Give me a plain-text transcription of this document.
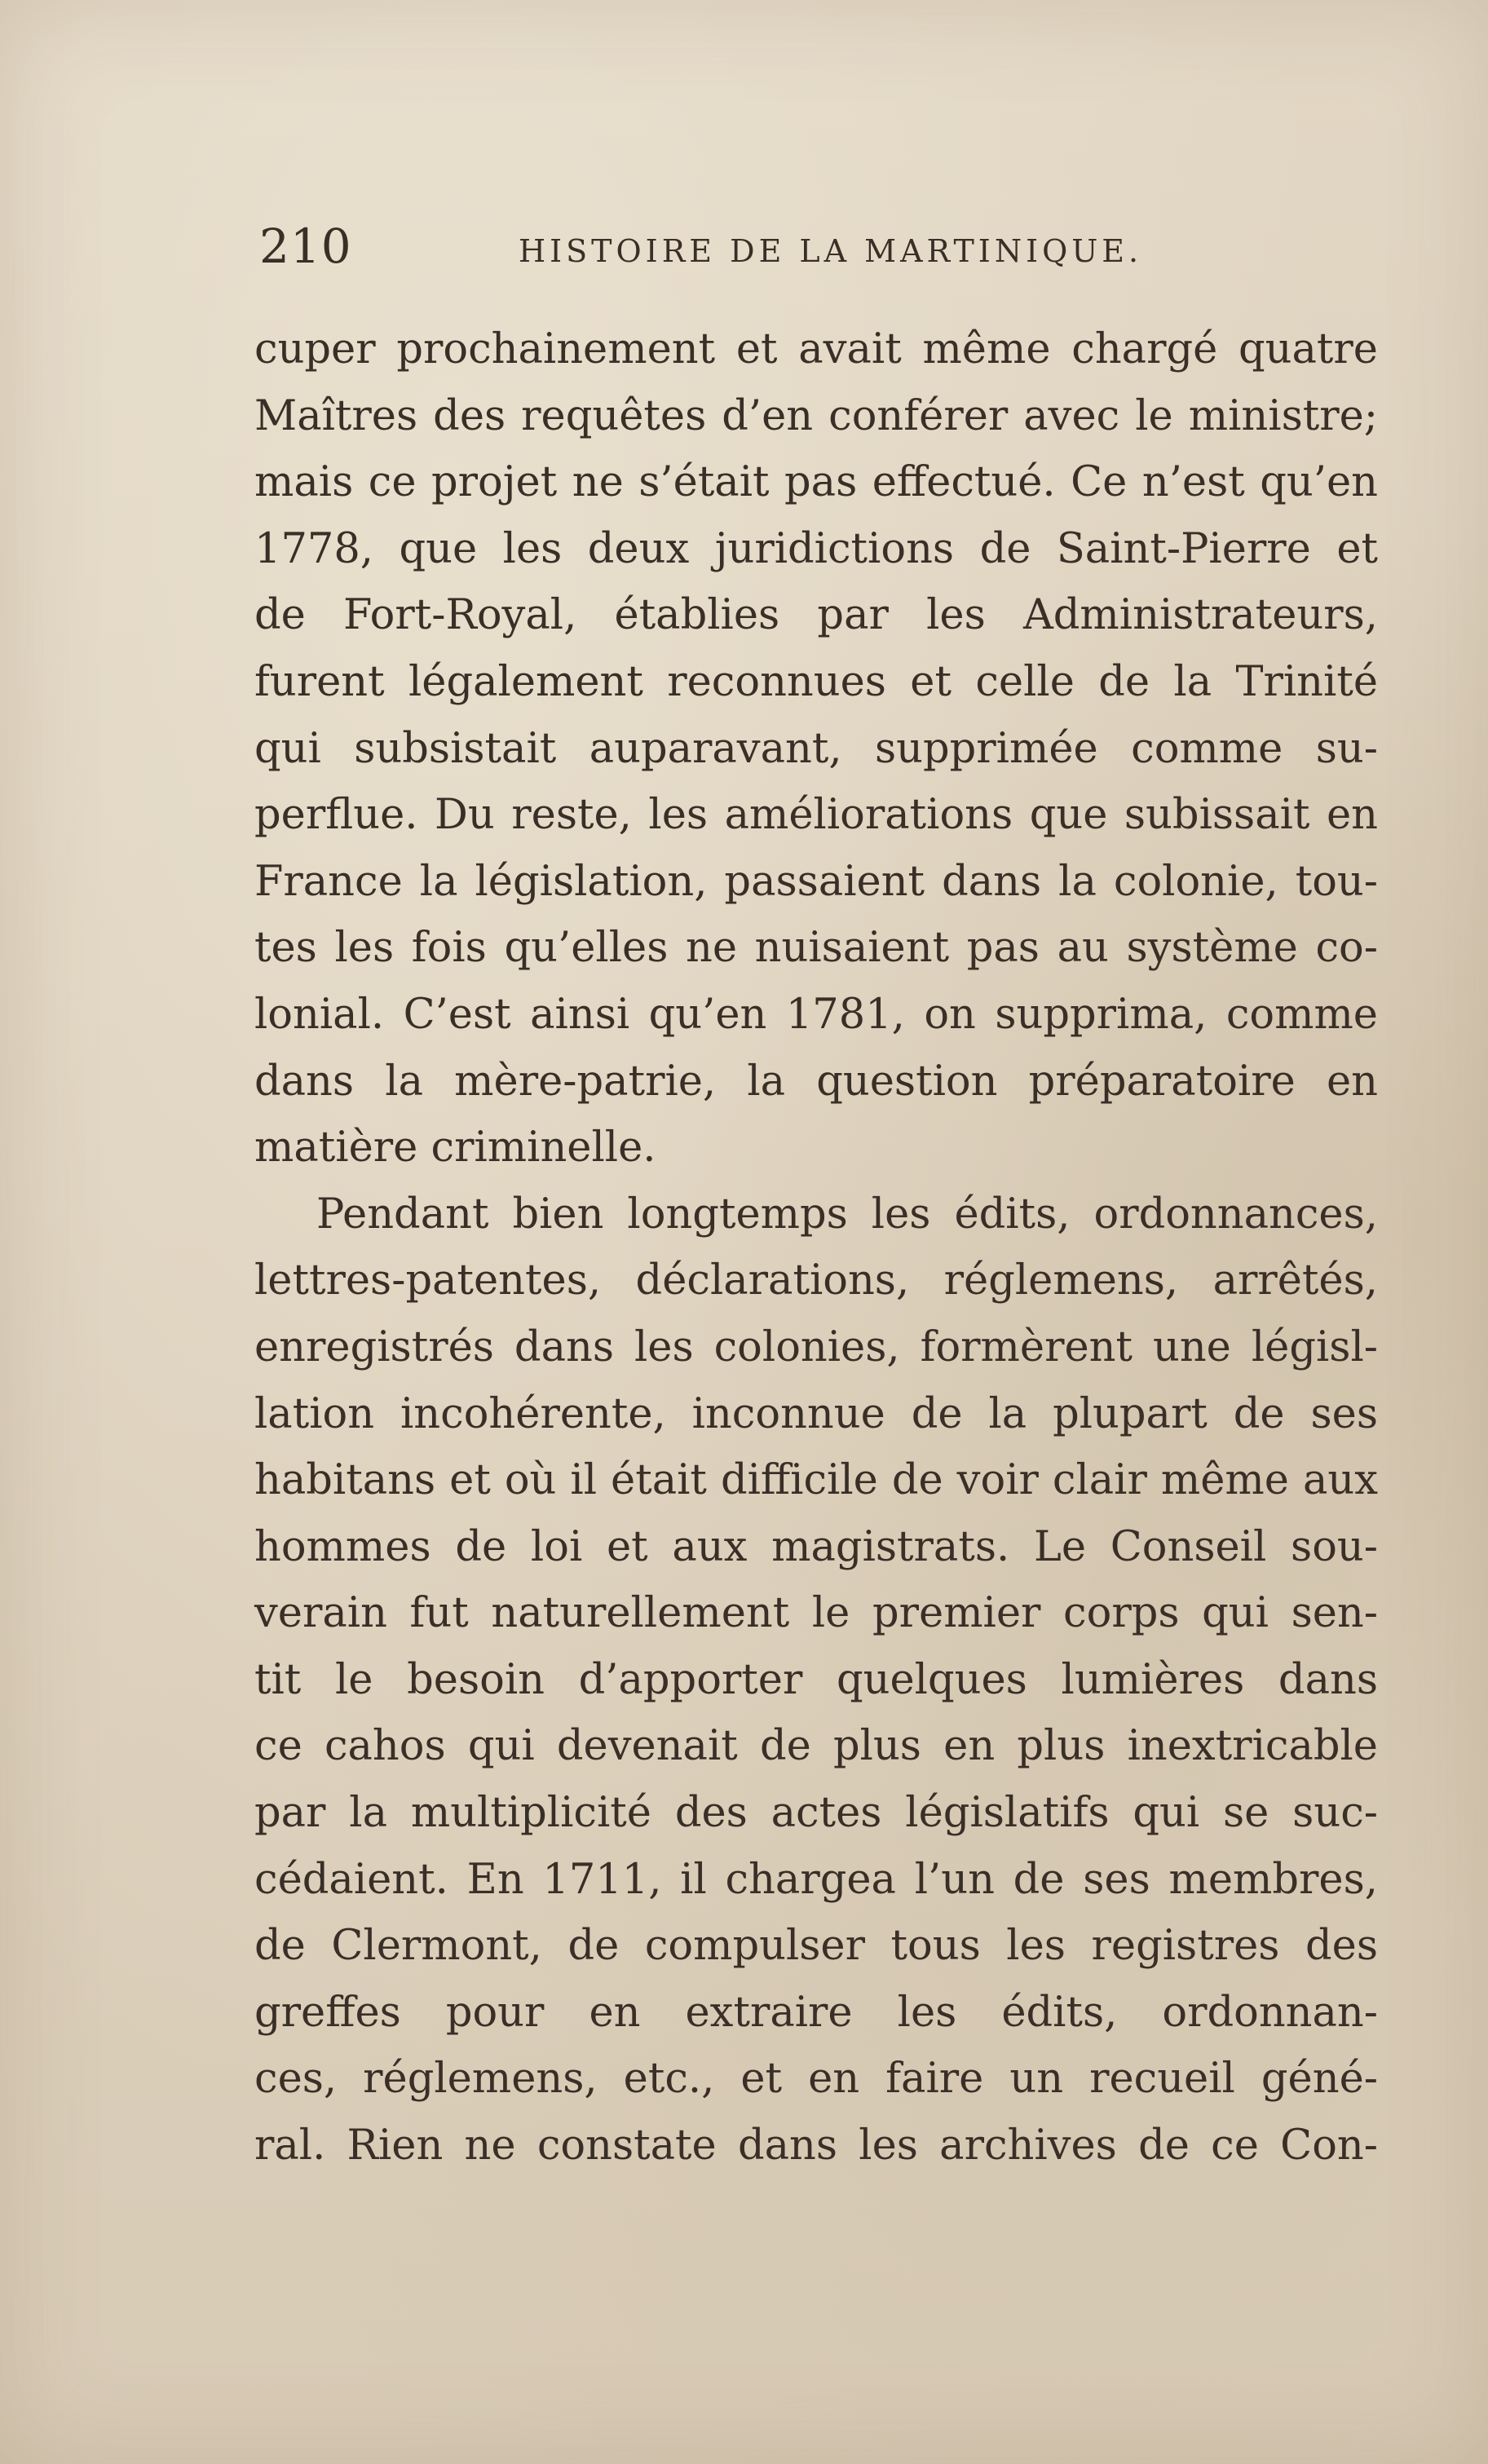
210	HISTOIRE DE LA MARTINIQUE.
cuper prochainement et avait même chargé quatre
Maîtres des requêtes d’en conférer avec le ministre;
mais ce projet ne s’était pas effectué. Ce n’est qu’en
1778, que les deux juridictions de Saint-Pierre et
de Fort-Royal, établies par les Administrateurs,
furent légalement reconnues et celle de la Trinité
qui subsistait auparavant, supprimée comme su-
perflue. Du reste, les améliorations que subissait en
France la législation, passaient dans la colonie, tou-
tes les fois qu’elles ne nuisaient pas au système co-
lonial. C’est ainsi qu’en 1781, on supprima, comme
dans la mère-patrie, la question préparatoire en
matière criminelle.
Pendant bien longtemps les édits, ordonnances,
lettres-patentes, déclarations, réglemens, arrêtés,
enregistrés dans les colonies, formèrent une législ-
lation incohérente, inconnue de la plupart de ses
habitans et où il était difficile de voir clair même aux
hommes de loi et aux magistrats. Le Conseil sou-
verain fut naturellement le premier corps qui sen-
tit le besoin d’apporter quelques lumières dans
ce cahos qui devenait de plus en plus inextricable
par la multiplicité des actes législatifs qui se suc-
cédaient. En 1711, il chargea l’un de ses membres,
de Clermont, de compulser tous les registres des
greffes pour en extraire les édits, ordonnan-
ces, réglemens, etc., et en faire un recueil géné-
ral. Rien ne constate dans les archives de ce Con-
